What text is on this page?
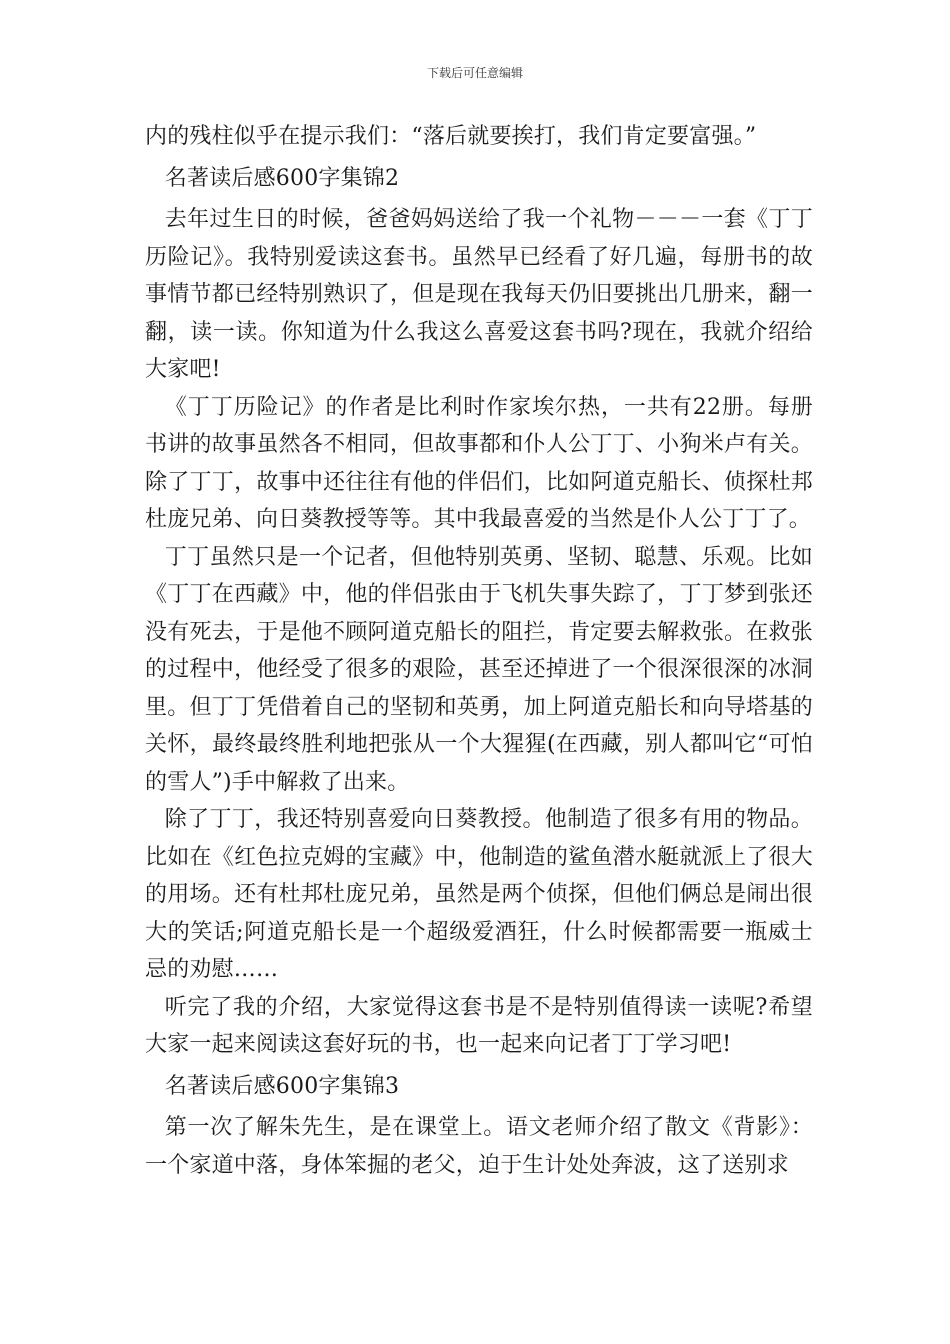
下载后可任意编辑

内的残柱似乎在提示我们：“落后就要挨打，我们肯定要富强。”

名著读后感600字集锦2

去年过生日的时候，爸爸妈妈送给了我一个礼物－－－一套《丁丁历险记》。我特别爱读这套书。虽然早已经看了好几遍，每册书的故事情节都已经特别熟识了，但是现在我每天仍旧要挑出几册来，翻一翻，读一读。你知道为什么我这么喜爱这套书吗?现在，我就介绍给大家吧!

《丁丁历险记》的作者是比利时作家埃尔热，一共有22册。每册书讲的故事虽然各不相同，但故事都和仆人公丁丁、小狗米卢有关。除了丁丁，故事中还往往有他的伴侣们，比如阿道克船长、侦探杜邦杜庞兄弟、向日葵教授等等。其中我最喜爱的当然是仆人公丁丁了。

丁丁虽然只是一个记者，但他特别英勇、坚韧、聪慧、乐观。比如《丁丁在西藏》中，他的伴侣张由于飞机失事失踪了，丁丁梦到张还没有死去，于是他不顾阿道克船长的阻拦，肯定要去解救张。在救张的过程中，他经受了很多的艰险，甚至还掉进了一个很深很深的冰洞里。但丁丁凭借着自己的坚韧和英勇，加上阿道克船长和向导塔基的关怀，最终最终胜利地把张从一个大猩猩(在西藏，别人都叫它“可怕的雪人”)手中解救了出来。

除了丁丁，我还特别喜爱向日葵教授。他制造了很多有用的物品。比如在《红色拉克姆的宝藏》中，他制造的鲨鱼潜水艇就派上了很大的用场。还有杜邦杜庞兄弟，虽然是两个侦探，但他们俩总是闹出很大的笑话;阿道克船长是一个超级爱酒狂，什么时候都需要一瓶威士忌的劝慰……

听完了我的介绍，大家觉得这套书是不是特别值得读一读呢?希望大家一起来阅读这套好玩的书，也一起来向记者丁丁学习吧!

名著读后感600字集锦3

第一次了解朱先生，是在课堂上。语文老师介绍了散文《背影》：一个家道中落，身体笨掘的老父，迫于生计处处奔波，这了送别求
